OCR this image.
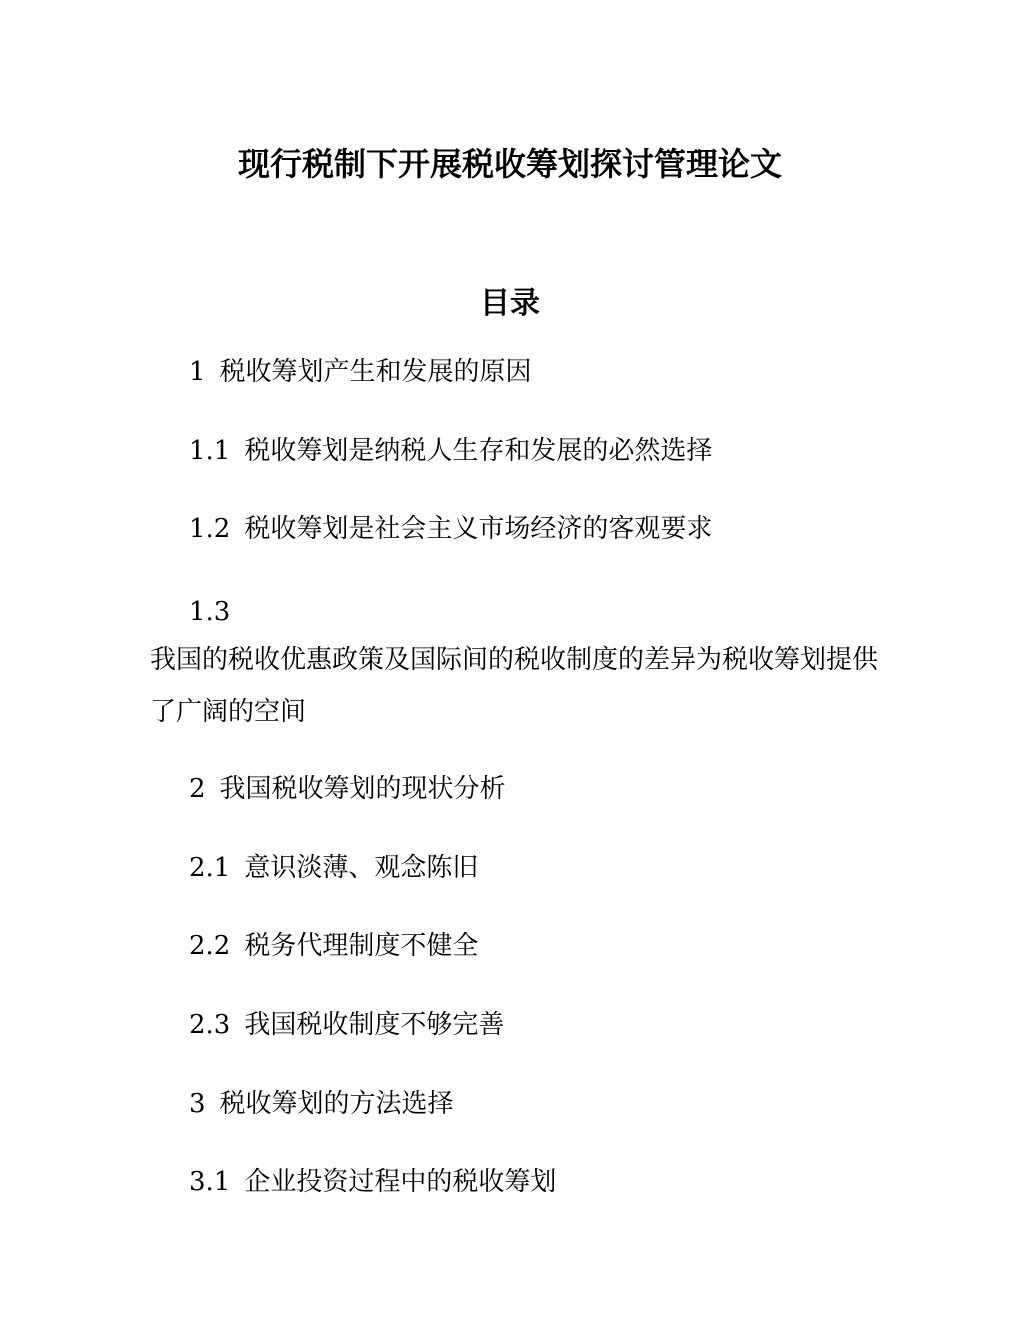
现行税制下开展税收筹划探讨管理论文
目录

1 税收筹划产生和发展的原因

1.1 税收筹划是纳税人生存和发展的必然选择

1.2 税收筹划是社会主义市场经济的客观要求

1.3

我国的税收优惠政策及国际间的税收制度的差异为税收筹划提供了广阔的空间

2 我国税收筹划的现状分析

2.1 意识淡薄、观念陈旧

2.2 税务代理制度不健全

2.3 我国税收制度不够完善

3 税收筹划的方法选择

3.1 企业投资过程中的税收筹划
